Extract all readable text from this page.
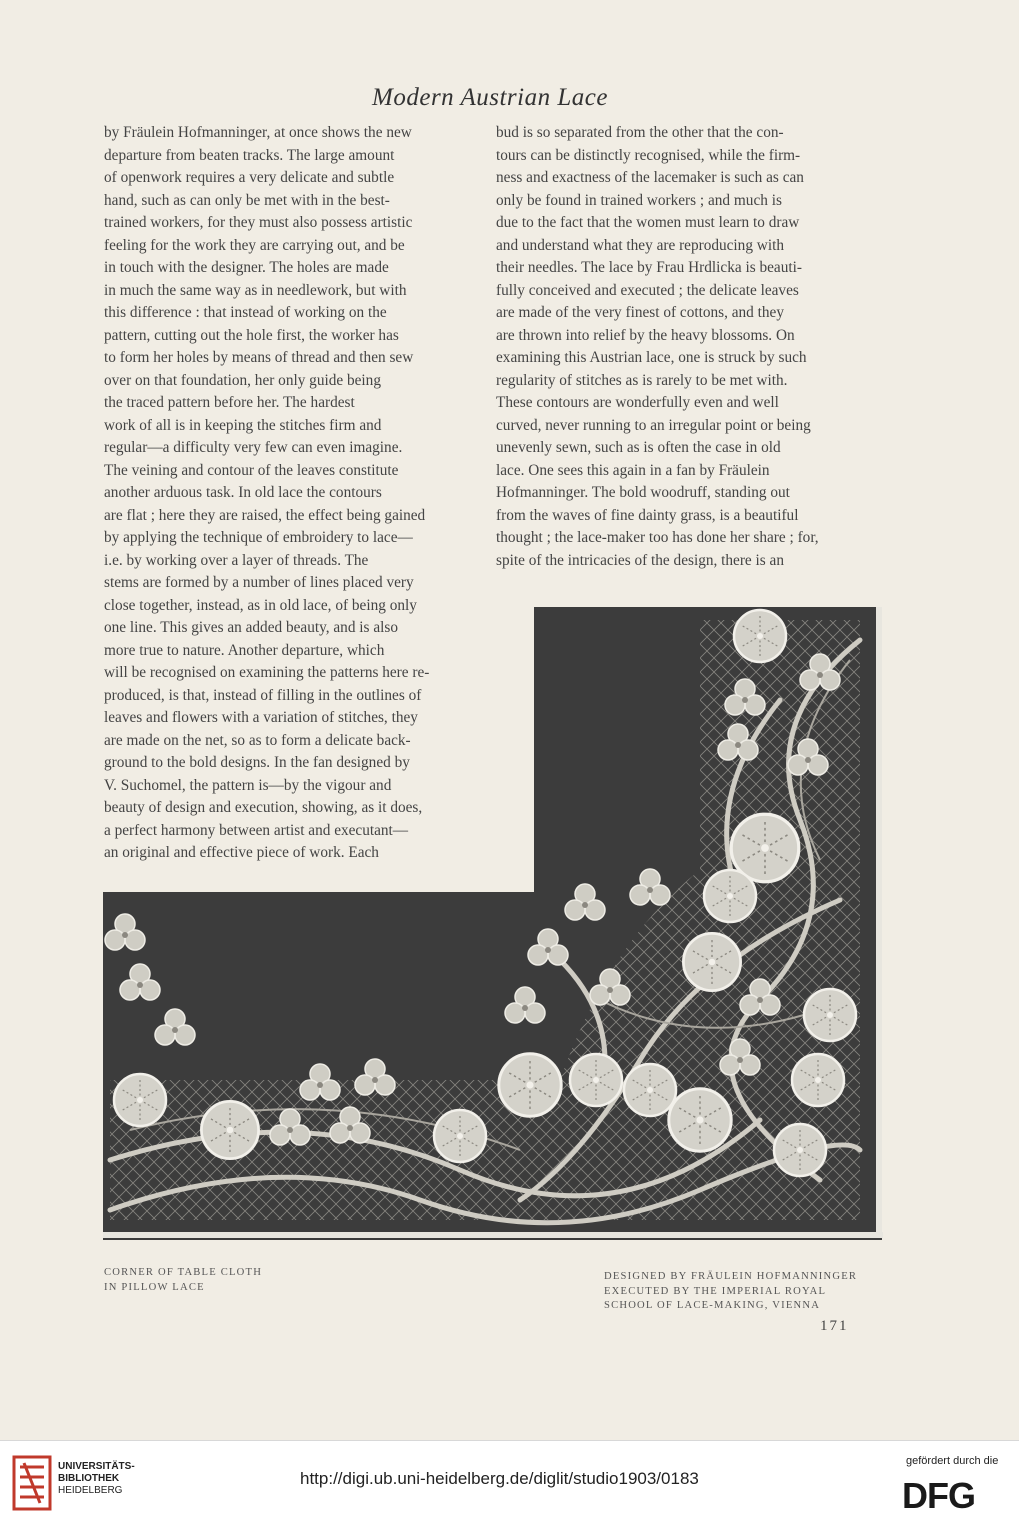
Modern Austrian Lace

by Fräulein Hofmanninger, at once shows the new

departure from beaten tracks. The large amount

of openwork requires a very delicate and subtle

hand, such as can only be met with in the best-

trained workers, for they must also possess artistic

feeling for the work they are carrying out, and be

in touch with the designer. The holes are made

in much the same way as in needlework, but with

this difference : that instead of working on the

pattern, cutting out the hole first, the worker has

to form her holes by means of thread and then sew

over on that foundation, her only guide being

the traced pattern before her. The hardest

work of all is in keeping the stitches firm and

regular—a difficulty very few can even imagine.

The veining and contour of the leaves constitute

another arduous task. In old lace the contours

are flat ; here they are raised, the effect being gained

by applying the technique of embroidery to lace—

i.e. by working over a layer of threads. The

stems are formed by a number of lines placed very

close together, instead, as in old lace, of being only

one line. This gives an added beauty, and is also

more true to nature. Another departure, which

will be recognised on examining the patterns here re-

produced, is that, instead of filling in the outlines of

leaves and flowers with a variation of stitches, they

are made on the net, so as to form a delicate back-

ground to the bold designs. In the fan designed by

V. Suchomel, the pattern is—by the vigour and

beauty of design and execution, showing, as it does,

a perfect harmony between artist and executant—

an original and effective piece of work. Each

bud is so separated from the other that the con-

tours can be distinctly recognised, while the firm-

ness and exactness of the lacemaker is such as can

only be found in trained workers ; and much is

due to the fact that the women must learn to draw

and understand what they are reproducing with

their needles. The lace by Frau Hrdlicka is beauti-

fully conceived and executed ; the delicate leaves

are made of the very finest of cottons, and they

are thrown into relief by the heavy blossoms. On

examining this Austrian lace, one is struck by such

regularity of stitches as is rarely to be met with.

These contours are wonderfully even and well

curved, never running to an irregular point or being

unevenly sewn, such as is often the case in old

lace. One sees this again in a fan by Fräulein

Hofmanninger. The bold woodruff, standing out

from the waves of fine dainty grass, is a beautiful

thought ; the lace-maker too has done her share ; for,

spite of the intricacies of the design, there is an

CORNER OF TABLE CLOTH
IN PILLOW LACE
DESIGNED BY FRÄULEIN HOFMANNINGER
EXECUTED BY THE IMPERIAL ROYAL
SCHOOL OF LACE-MAKING, VIENNA
171
UNIVERSITÄTS-
BIBLIOTHEK
HEIDELBERG
http://digi.ub.uni-heidelberg.de/diglit/studio1903/0183
gefördert durch die
DFG
